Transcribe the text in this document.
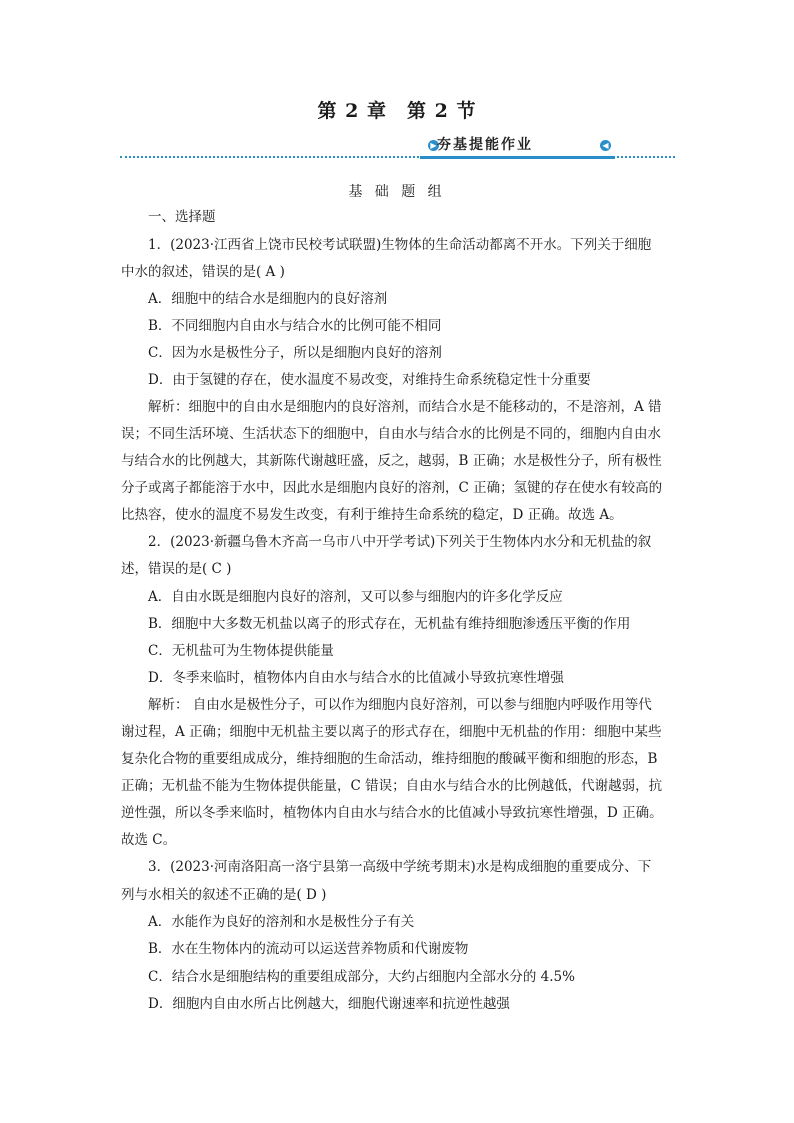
第 2 章　第 2 节
▶ 夯基提能作业	◀
基 础 题 组
一、选择题
1．(2023·江西省上饶市民校考试联盟)生物体的生命活动都离不开水。下列关于细胞
中水的叙述，错误的是( A )
A．细胞中的结合水是细胞内的良好溶剂
B．不同细胞内自由水与结合水的比例可能不相同
C．因为水是极性分子，所以是细胞内良好的溶剂
D．由于氢键的存在，使水温度不易改变，对维持生命系统稳定性十分重要
解析：细胞中的自由水是细胞内的良好溶剂，而结合水是不能移动的，不是溶剂，A 错
误；不同生活环境、生活状态下的细胞中，自由水与结合水的比例是不同的，细胞内自由水
与结合水的比例越大，其新陈代谢越旺盛，反之，越弱，B 正确；水是极性分子，所有极性
分子或离子都能溶于水中，因此水是细胞内良好的溶剂，C 正确；氢键的存在使水有较高的
比热容，使水的温度不易发生改变，有利于维持生命系统的稳定，D 正确。故选 A。
2．(2023·新疆乌鲁木齐高一乌市八中开学考试)下列关于生物体内水分和无机盐的叙
述，错误的是( C )
A．自由水既是细胞内良好的溶剂，又可以参与细胞内的许多化学反应
B．细胞中大多数无机盐以离子的形式存在，无机盐有维持细胞渗透压平衡的作用
C．无机盐可为生物体提供能量
D．冬季来临时，植物体内自由水与结合水的比值减小导致抗寒性增强
解析： 自由水是极性分子，可以作为细胞内良好溶剂，可以参与细胞内呼吸作用等代
谢过程，A 正确；细胞中无机盐主要以离子的形式存在，细胞中无机盐的作用：细胞中某些
复杂化合物的重要组成成分，维持细胞的生命活动，维持细胞的酸碱平衡和细胞的形态，B
正确；无机盐不能为生物体提供能量，C 错误；自由水与结合水的比例越低，代谢越弱，抗
逆性强，所以冬季来临时，植物体内自由水与结合水的比值减小导致抗寒性增强，D 正确。
故选 C。
3．(2023·河南洛阳高一洛宁县第一高级中学统考期末)水是构成细胞的重要成分、下
列与水相关的叙述不正确的是( D )
A．水能作为良好的溶剂和水是极性分子有关
B．水在生物体内的流动可以运送营养物质和代谢废物
C．结合水是细胞结构的重要组成部分，大约占细胞内全部水分的 4.5%
D．细胞内自由水所占比例越大，细胞代谢速率和抗逆性越强
